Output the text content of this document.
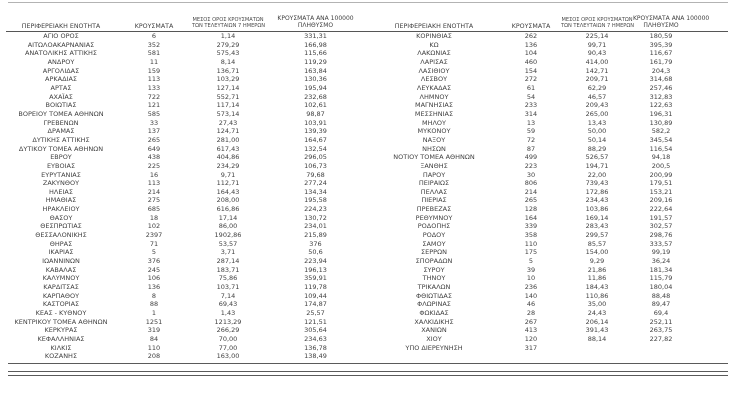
ΠΕΡΙΦΕΡΕΙΑΚΗ ΕΝΟΤΗΤΑ	ΚΡΟΥΣΜΑΤΑ	ΜΕΣΟΣ ΟΡΟΣ ΚΡΟΥΣΜΑΤΩΝ
ΤΩΝ ΤΕΛΕΥΤΑΙΩΝ 7 ΗΜΕΡΩΝ	ΚΡΟΥΣΜΑΤΑ ΑΝΑ 100000
ΠΛΗΘΥΣΜΟ

ΑΓΙΟ ΟΡΟΣ	6	1,14	331,31
ΑΙΤΩΛΟΑΚΑΡΝΑΝΙΑΣ	352	279,29	166,98
ΑΝΑΤΟΛΙΚΗΣ ΑΤΤΙΚΗΣ	581	575,43	115,66
ΑΝΔΡΟΥ	11	8,14	119,29
ΑΡΓΟΛΙΔΑΣ	159	136,71	163,84
ΑΡΚΑΔΙΑΣ	113	103,29	130,36
ΑΡΤΑΣ	133	127,14	195,94
ΑΧΑΪΑΣ	722	552,71	232,68
ΒΟΙΩΤΙΑΣ	121	117,14	102,61
ΒΟΡΕΙΟΥ ΤΟΜΕΑ ΑΘΗΝΩΝ	585	573,14	98,87
ΓΡΕΒΕΝΩΝ	33	27,43	103,91
ΔΡΑΜΑΣ	137	124,71	139,39
ΔΥΤΙΚΗΣ ΑΤΤΙΚΗΣ	265	281,00	164,67
ΔΥΤΙΚΟΥ ΤΟΜΕΑ ΑΘΗΝΩΝ	649	617,43	132,54
ΕΒΡΟΥ	438	404,86	296,05
ΕΥΒΟΙΑΣ	225	234,29	106,73
ΕΥΡΥΤΑΝΙΑΣ	16	9,71	79,68
ΖΑΚΥΝΘΟΥ	113	112,71	277,24
ΗΛΕΙΑΣ	214	164,43	134,34
ΗΜΑΘΙΑΣ	275	208,00	195,58
ΗΡΑΚΛΕΙΟΥ	685	616,86	224,23
ΘΑΣΟΥ	18	17,14	130,72
ΘΕΣΠΡΩΤΙΑΣ	102	86,00	234,01
ΘΕΣΣΑΛΟΝΙΚΗΣ	2397	1902,86	215,89
ΘΗΡΑΣ	71	53,57	376
ΙΚΑΡΙΑΣ	5	3,71	50,6
ΙΩΑΝΝΙΝΩΝ	376	287,14	223,94
ΚΑΒΑΛΑΣ	245	183,71	196,13
ΚΑΛΥΜΝΟΥ	106	75,86	359,91
ΚΑΡΔΙΤΣΑΣ	136	103,71	119,78
ΚΑΡΠΑΘΟΥ	8	7,14	109,44
ΚΑΣΤΟΡΙΑΣ	88	69,43	174,87
ΚΕΑΣ - ΚΥΘΝΟΥ	1	1,43	25,57
ΚΕΝΤΡΙΚΟΥ ΤΟΜΕΑ ΑΘΗΝΩΝ	1251	1213,29	121,51
ΚΕΡΚΥΡΑΣ	319	266,29	305,64
ΚΕΦΑΛΛΗΝΙΑΣ	84	70,00	234,63
ΚΙΛΚΙΣ	110	77,00	136,78
ΚΟΖΑΝΗΣ	208	163,00	138,49
ΠΕΡΙΦΕΡΕΙΑΚΗ ΕΝΟΤΗΤΑ	ΚΡΟΥΣΜΑΤΑ	ΜΕΣΟΣ ΟΡΟΣ ΚΡΟΥΣΜΑΤΩΝ
ΤΩΝ ΤΕΛΕΥΤΑΙΩΝ 7 ΗΜΕΡΩΝ	ΚΡΟΥΣΜΑΤΑ ΑΝΑ 100000
ΠΛΗΘΥΣΜΟ	

ΚΟΡΙΝΘΙΑΣ	262	225,14	180,59	
ΚΩ	136	99,71	395,39	
ΛΑΚΩΝΙΑΣ	104	90,43	116,67	
ΛΑΡΙΣΑΣ	460	414,00	161,79	
ΛΑΣΙΘΙΟΥ	154	142,71	204,3	
ΛΕΣΒΟΥ	272	209,71	314,68	
ΛΕΥΚΑΔΑΣ	61	62,29	257,46	
ΛΗΜΝΟΥ	54	46,57	312,83	
ΜΑΓΝΗΣΙΑΣ	233	209,43	122,63	
ΜΕΣΣΗΝΙΑΣ	314	265,00	196,31	
ΜΗΛΟΥ	13	13,43	130,89	
ΜΥΚΟΝΟΥ	59	50,00	582,2	
ΝΑΞΟΥ	72	50,14	345,54	
ΝΗΣΩΝ	87	88,29	116,54	
ΝΟΤΙΟΥ ΤΟΜΕΑ ΑΘΗΝΩΝ	499	526,57	94,18	
ΞΑΝΘΗΣ	223	194,71	200,5	
ΠΑΡΟΥ	30	22,00	200,99	
ΠΕΙΡΑΙΩΣ	806	739,43	179,51	
ΠΕΛΛΑΣ	214	172,86	153,21	
ΠΙΕΡΙΑΣ	265	234,43	209,16	
ΠΡΕΒΕΖΑΣ	128	103,86	222,64	
ΡΕΘΥΜΝΟΥ	164	169,14	191,57	
ΡΟΔΟΠΗΣ	339	283,43	302,57	
ΡΟΔΟΥ	358	299,57	298,76	
ΣΑΜΟΥ	110	85,57	333,57	
ΣΕΡΡΩΝ	175	154,00	99,19	
ΣΠΟΡΑΔΩΝ	5	9,29	36,24	
ΣΥΡΟΥ	39	21,86	181,34	
ΤΗΝΟΥ	10	11,86	115,79	
ΤΡΙΚΑΛΩΝ	236	184,43	180,04	
ΦΘΙΩΤΙΔΑΣ	140	110,86	88,48	
ΦΛΩΡΙΝΑΣ	46	35,00	89,47	
ΦΩΚΙΔΑΣ	28	24,43	69,4	
ΧΑΛΚΙΔΙΚΗΣ	267	206,14	252,11	
ΧΑΝΙΩΝ	413	391,43	263,75	
ΧΙΟΥ	120	88,14	227,82	
ΥΠΟ ΔΙΕΡΕΥΝΗΣΗ	317			
